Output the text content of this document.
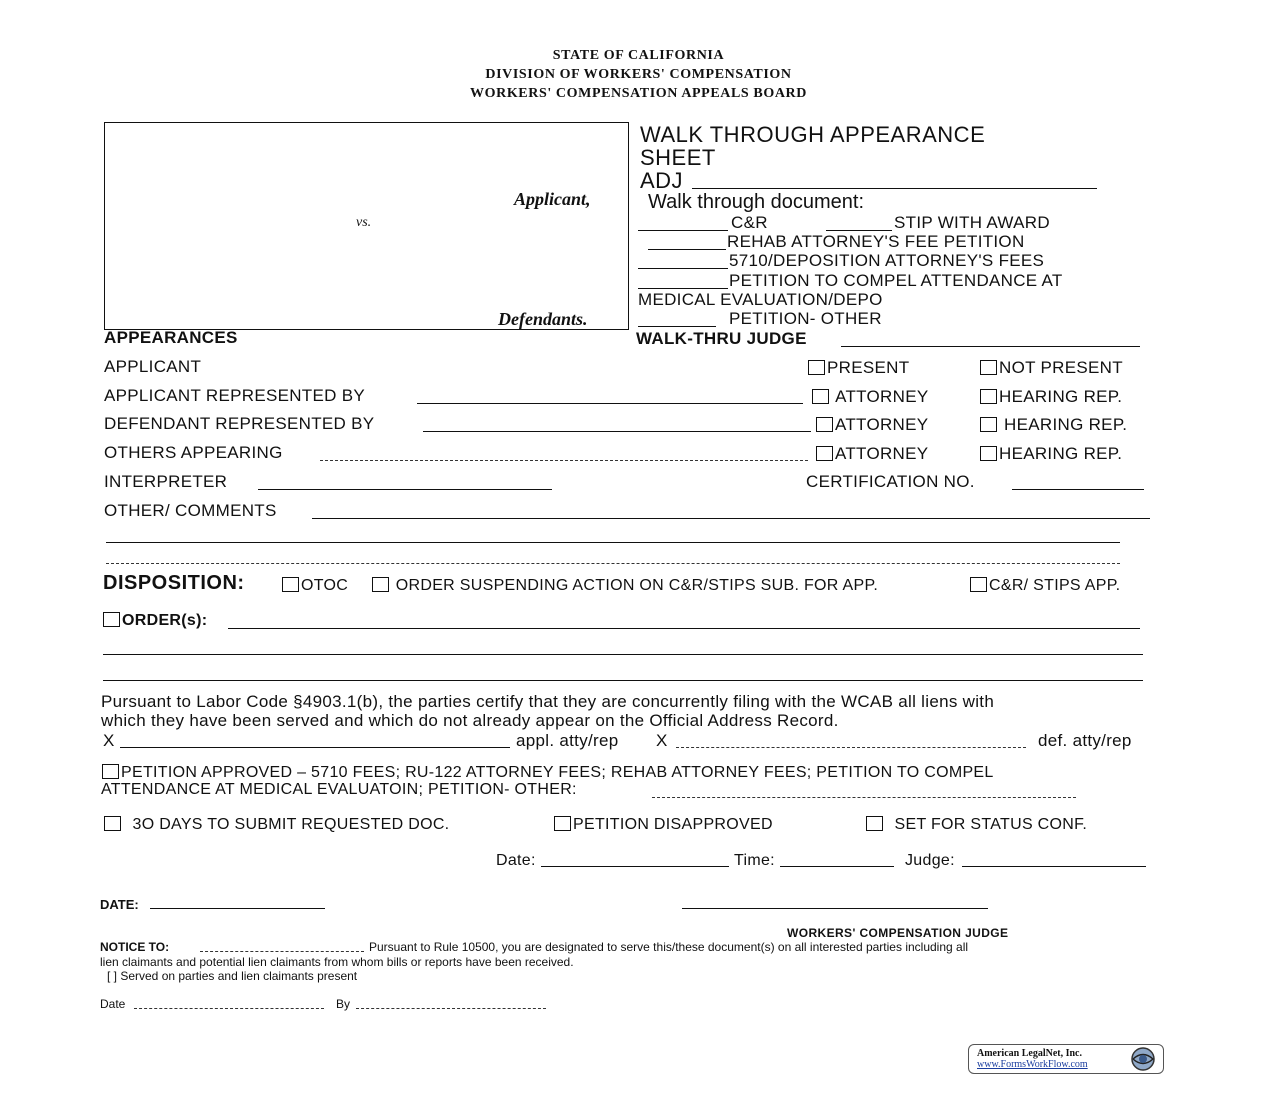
STATE OF CALIFORNIA
DIVISION OF WORKERS' COMPENSATION
WORKERS' COMPENSATION APPEALS BOARD
Applicant,
vs.
Defendants.
WALK THROUGH APPEARANCE
SHEET
ADJ
Walk through document:
C&R	STIP WITH AWARD
REHAB ATTORNEY'S FEE PETITION
5710/DEPOSITION ATTORNEY'S FEES
PETITION TO COMPEL ATTENDANCE AT
MEDICAL EVALUATION/DEPO
PETITION- OTHER
APPEARANCES	WALK-THRU JUDGE
APPLICANT	PRESENT	NOT PRESENT
APPLICANT REPRESENTED BY	ATTORNEY	HEARING REP.
DEFENDANT REPRESENTED BY	ATTORNEY	HEARING REP.
OTHERS APPEARING	ATTORNEY	HEARING REP.
INTERPRETER	CERTIFICATION NO.
OTHER/ COMMENTS
DISPOSITION:	OTOC	ORDER SUSPENDING ACTION ON C&R/STIPS SUB. FOR APP.	C&R/ STIPS APP.
ORDER(s):
Pursuant to Labor Code §4903.1(b), the parties certify that they are concurrently filing with the WCAB all liens with
which they have been served and which do not already appear on the Official Address Record.
X	appl. atty/rep X	def. atty/rep
PETITION APPROVED – 5710 FEES; RU-122 ATTORNEY FEES; REHAB ATTORNEY FEES; PETITION TO COMPEL
ATTENDANCE AT MEDICAL EVALUATOIN; PETITION- OTHER:
3O DAYS TO SUBMIT REQUESTED DOC.	PETITION DISAPPROVED	SET FOR STATUS CONF.
Date:	Time:	Judge:
DATE:
WORKERS' COMPENSATION JUDGE
NOTICE TO:	Pursuant to Rule 10500, you are designated to serve this/these document(s) on all interested parties including all
lien claimants and potential lien claimants from whom bills or reports have been received.
[ ] Served on parties and lien claimants present
Date	By
American LegalNet, Inc.
www.FormsWorkFlow.com
